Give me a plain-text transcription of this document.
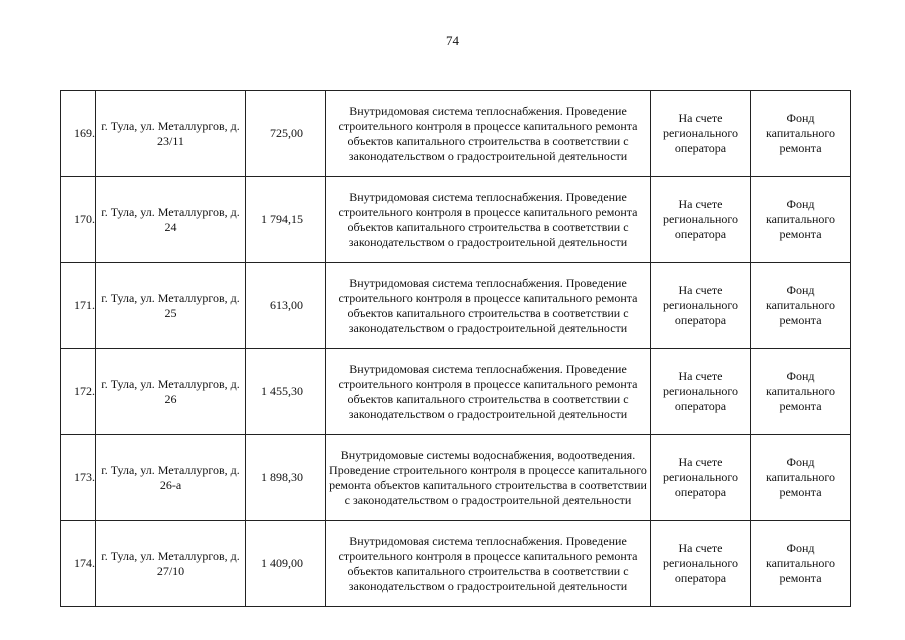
74
169.	г. Тула, ул. Металлургов, д. 23/11	725,00	Внутридомовая система теплоснабжения. Проведение строительного контроля в процессе капитального ремонта объектов капитального строительства в соответствии с законодательством о градостроительной деятельности	На счете регионального оператора	Фонд капитального ремонта
170.	г. Тула, ул. Металлургов, д. 24	1 794,15	Внутридомовая система теплоснабжения. Проведение строительного контроля в процессе капитального ремонта объектов капитального строительства в соответствии с законодательством о градостроительной деятельности	На счете регионального оператора	Фонд капитального ремонта
171.	г. Тула, ул. Металлургов, д. 25	613,00	Внутридомовая система теплоснабжения. Проведение строительного контроля в процессе капитального ремонта объектов капитального строительства в соответствии с законодательством о градостроительной деятельности	На счете регионального оператора	Фонд капитального ремонта
172.	г. Тула, ул. Металлургов, д. 26	1 455,30	Внутридомовая система теплоснабжения. Проведение строительного контроля в процессе капитального ремонта объектов капитального строительства в соответствии с законодательством о градостроительной деятельности	На счете регионального оператора	Фонд капитального ремонта
173.	г. Тула, ул. Металлургов, д. 26-а	1 898,30	Внутридомовые системы водоснабжения, водоотведения. Проведение строительного контроля в процессе капитального ремонта объектов капитального строительства в соответствии с законодательством о градостроительной деятельности	На счете регионального оператора	Фонд капитального ремонта
174.	г. Тула, ул. Металлургов, д. 27/10	1 409,00	Внутридомовая система теплоснабжения. Проведение строительного контроля в процессе капитального ремонта объектов капитального строительства в соответствии с законодательством о градостроительной деятельности	На счете регионального оператора	Фонд капитального ремонта
